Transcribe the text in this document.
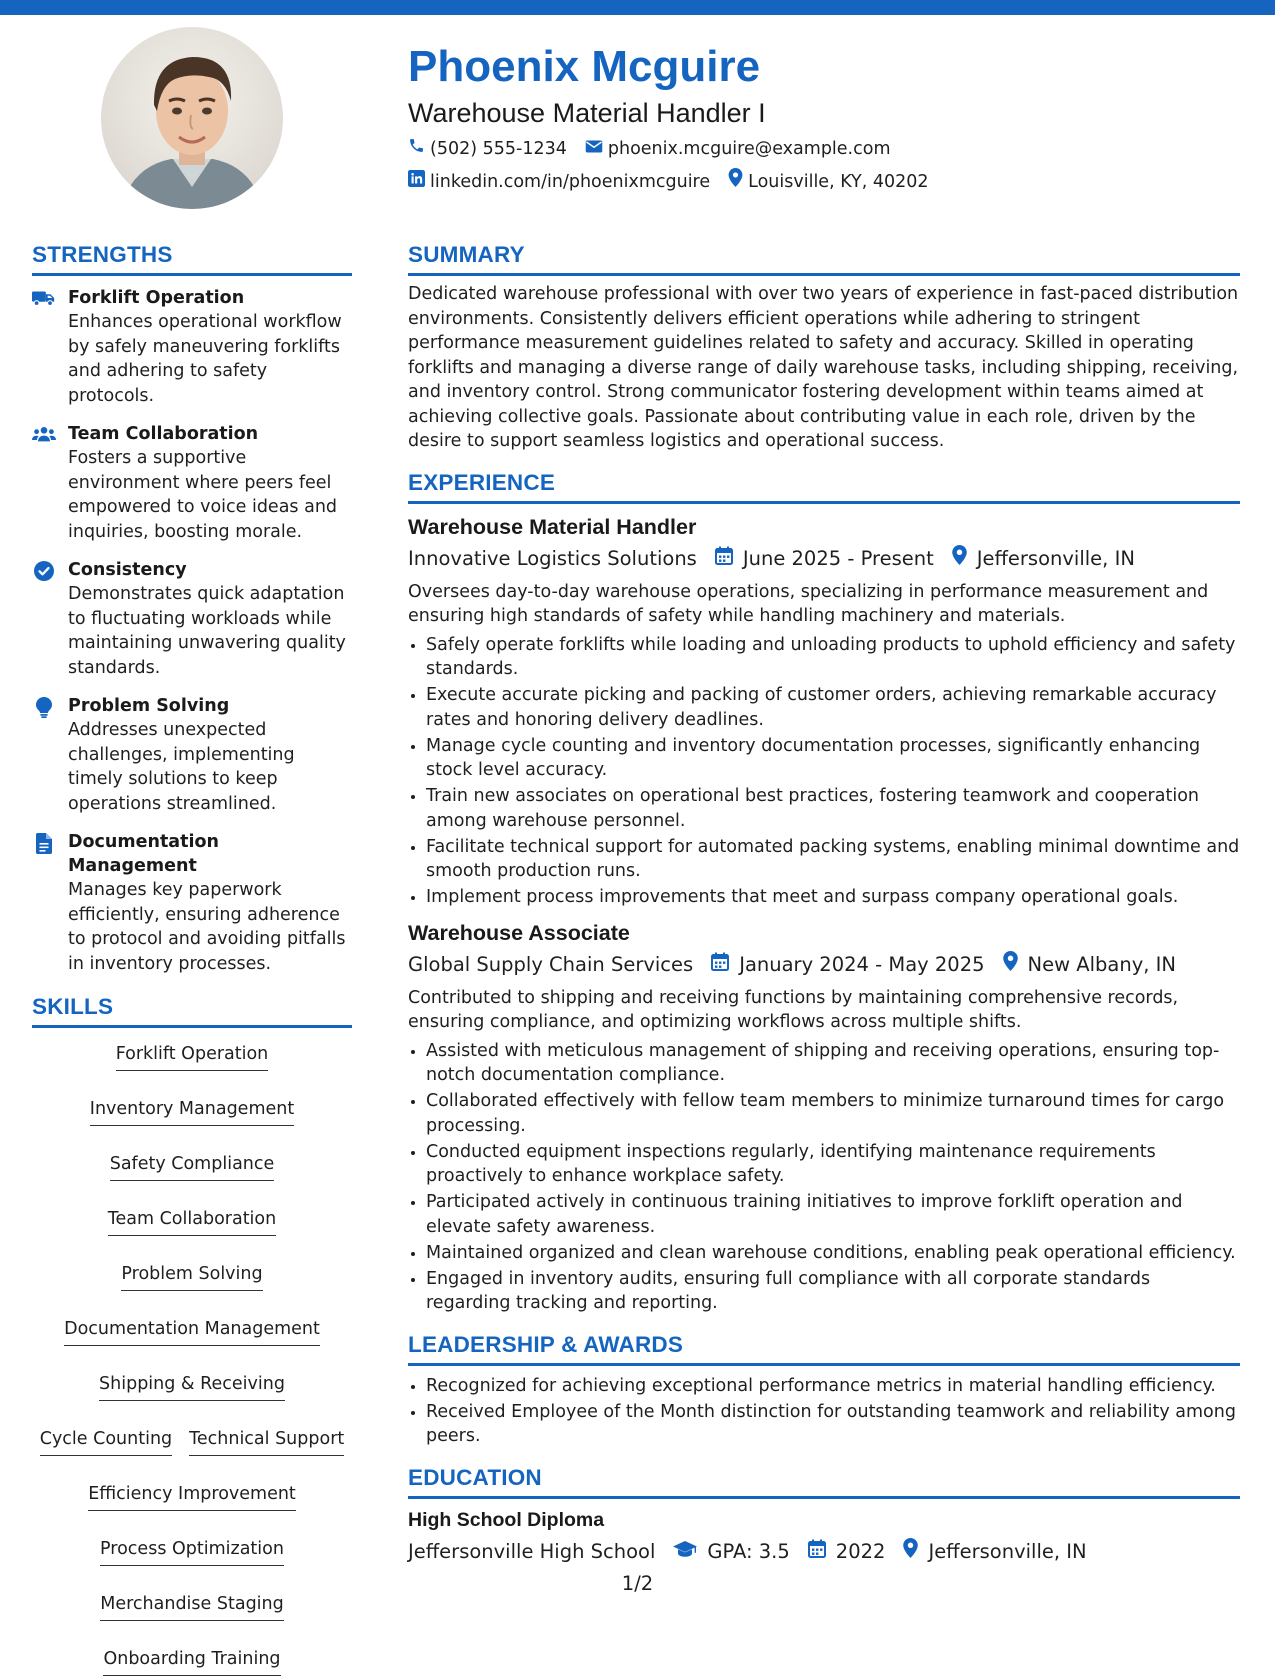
Phoenix Mcguire
Warehouse Material Handler I
(502) 555-1234 phoenix.mcguire@example.com
linkedin.com/in/phoenixmcguire Louisville, KY, 40202
STRENGTHS
Forklift Operation
Enhances operational workflow by safely maneuvering forklifts and adhering to safety protocols.
Team Collaboration
Fosters a supportive environment where peers feel empowered to voice ideas and inquiries, boosting morale.
Consistency
Demonstrates quick adaptation to fluctuating workloads while maintaining unwavering quality standards.
Problem Solving
Addresses unexpected challenges, implementing timely solutions to keep operations streamlined.
Documentation Management
Manages key paperwork efficiently, ensuring adherence to protocol and avoiding pitfalls in inventory processes.
SKILLS
Forklift Operation
Inventory Management
Safety Compliance
Team Collaboration
Problem Solving
Documentation Management
Shipping & Receiving
Cycle Counting Technical Support
Efficiency Improvement
Process Optimization
Merchandise Staging
Onboarding Training
SUMMARY
Dedicated warehouse professional with over two years of experience in fast-paced distribution environments. Consistently delivers efficient operations while adhering to stringent performance measurement guidelines related to safety and accuracy. Skilled in operating forklifts and managing a diverse range of daily warehouse tasks, including shipping, receiving, and inventory control. Strong communicator fostering development within teams aimed at achieving collective goals. Passionate about contributing value in each role, driven by the desire to support seamless logistics and operational success.
EXPERIENCE
Warehouse Material Handler
Innovative Logistics Solutions June 2025 - Present Jeffersonville, IN
Oversees day-to-day warehouse operations, specializing in performance measurement and ensuring high standards of safety while handling machinery and materials.
• Safely operate forklifts while loading and unloading products to uphold efficiency and safety standards.
• Execute accurate picking and packing of customer orders, achieving remarkable accuracy rates and honoring delivery deadlines.
• Manage cycle counting and inventory documentation processes, significantly enhancing stock level accuracy.
• Train new associates on operational best practices, fostering teamwork and cooperation among warehouse personnel.
• Facilitate technical support for automated packing systems, enabling minimal downtime and smooth production runs.
• Implement process improvements that meet and surpass company operational goals.
Warehouse Associate
Global Supply Chain Services January 2024 - May 2025 New Albany, IN
Contributed to shipping and receiving functions by maintaining comprehensive records, ensuring compliance, and optimizing workflows across multiple shifts.
• Assisted with meticulous management of shipping and receiving operations, ensuring top-notch documentation compliance.
• Collaborated effectively with fellow team members to minimize turnaround times for cargo processing.
• Conducted equipment inspections regularly, identifying maintenance requirements proactively to enhance workplace safety.
• Participated actively in continuous training initiatives to improve forklift operation and elevate safety awareness.
• Maintained organized and clean warehouse conditions, enabling peak operational efficiency.
• Engaged in inventory audits, ensuring full compliance with all corporate standards regarding tracking and reporting.
LEADERSHIP & AWARDS
• Recognized for achieving exceptional performance metrics in material handling efficiency.
• Received Employee of the Month distinction for outstanding teamwork and reliability among peers.
EDUCATION
High School Diploma
Jeffersonville High School	GPA: 3.5 2022 Jeffersonville, IN
1/2
